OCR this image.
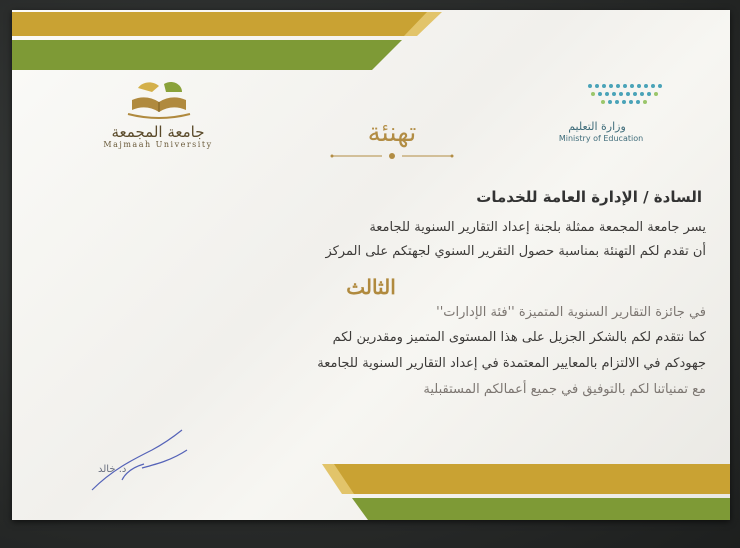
جامعة المجمعة
Majmaah University
وزارة التعليم
Ministry of Education
تهنئة
السادة / الإدارة العامة للخدمات
يسر جامعة المجمعة ممثلة بلجنة إعداد التقارير السنوية للجامعة
أن تقدم لكم التهنئة بمناسبة حصول التقرير السنوي لجهتكم على المركز
الثالث
في جائزة التقارير السنوية المتميزة ''فئة الإدارات''
كما نتقدم لكم بالشكر الجزيل على هذا المستوى المتميز ومقدرين لكم
جهودكم في الالتزام بالمعايير المعتمدة في إعداد التقارير السنوية للجامعة
مع تمنياتنا لكم بالتوفيق في جميع أعمالكم المستقبلية
د. خالد
